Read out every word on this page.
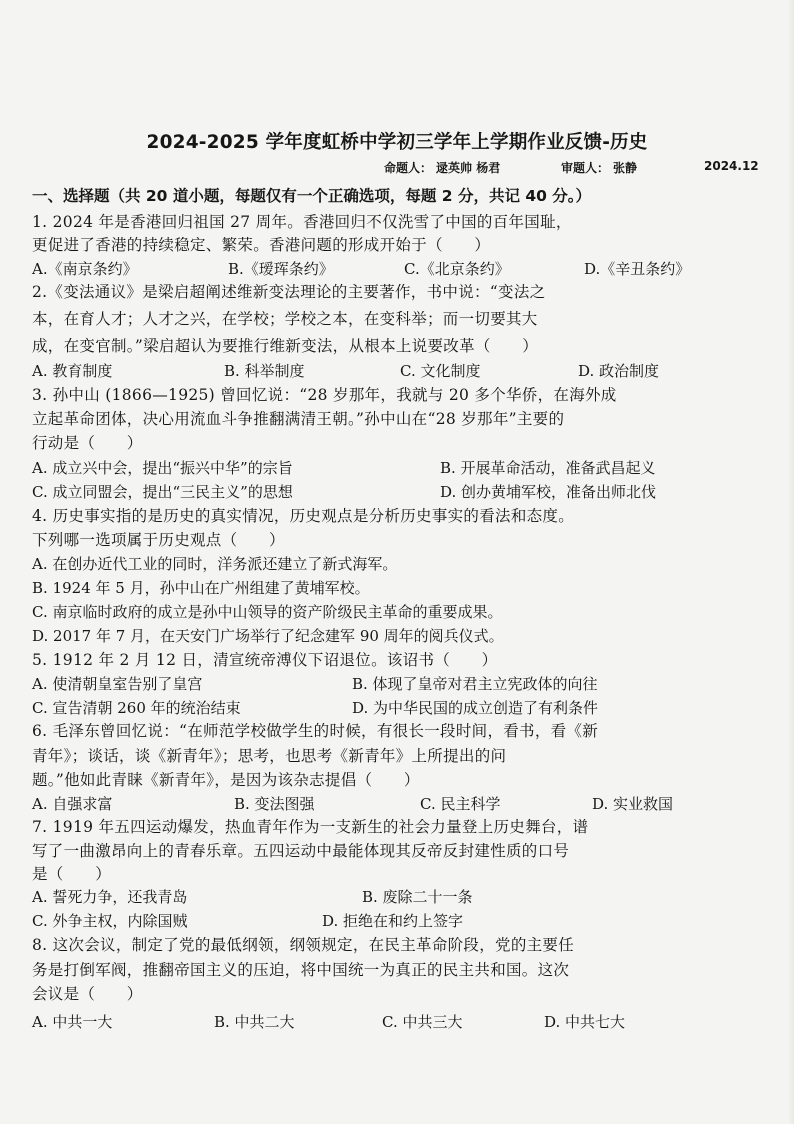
2024-2025 学年度虹桥中学初三学年上学期作业反馈-历史
命题人： 逯英帅 杨君	审题人： 张静	2024.12
一、选择题（共 20 道小题，每题仅有一个正确选项，每题 2 分，共记 40 分。）
1. 2024 年是香港回归祖国 27 周年。香港回归不仅洗雪了中国的百年国耻，
更促进了香港的持续稳定、繁荣。香港问题的形成开始于（　　）
A.《南京条约》	B.《瑷珲条约》	C.《北京条约》	D.《辛丑条约》
2.《变法通议》是梁启超阐述维新变法理论的主要著作，书中说：“变法之
本，在育人才；人才之兴，在学校；学校之本，在变科举；而一切要其大
成，在变官制。”梁启超认为要推行维新变法，从根本上说要改革（　　）
A. 教育制度	B. 科举制度	C. 文化制度	D. 政治制度
3. 孙中山 (1866—1925) 曾回忆说：“28 岁那年，我就与 20 多个华侨，在海外成
立起革命团体，决心用流血斗争推翻满清王朝。”孙中山在“28 岁那年”主要的
行动是（　　）
A. 成立兴中会，提出“振兴中华”的宗旨	B. 开展革命活动，准备武昌起义
C. 成立同盟会，提出“三民主义”的思想	D. 创办黄埔军校，准备出师北伐
4. 历史事实指的是历史的真实情况，历史观点是分析历史事实的看法和态度。
下列哪一选项属于历史观点（　　）
A. 在创办近代工业的同时，洋务派还建立了新式海军。
B. 1924 年 5 月，孙中山在广州组建了黄埔军校。
C. 南京临时政府的成立是孙中山领导的资产阶级民主革命的重要成果。
D. 2017 年 7 月，在天安门广场举行了纪念建军 90 周年的阅兵仪式。
5. 1912 年 2 月 12 日，清宣统帝溥仪下诏退位。该诏书（　　）
A. 使清朝皇室告别了皇宫	B. 体现了皇帝对君主立宪政体的向往
C. 宣告清朝 260 年的统治结束	D. 为中华民国的成立创造了有利条件
6. 毛泽东曾回忆说：“在师范学校做学生的时候，有很长一段时间，看书，看《新
青年》；谈话，谈《新青年》；思考，也思考《新青年》上所提出的问
题。”他如此青睐《新青年》，是因为该杂志提倡（　　）
A. 自强求富	B. 变法图强	C. 民主科学	D. 实业救国
7. 1919 年五四运动爆发，热血青年作为一支新生的社会力量登上历史舞台，谱
写了一曲激昂向上的青春乐章。五四运动中最能体现其反帝反封建性质的口号
是（　　）
A. 誓死力争，还我青岛	B. 废除二十一条
C. 外争主权，内除国贼	D. 拒绝在和约上签字
8. 这次会议，制定了党的最低纲领，纲领规定，在民主革命阶段，党的主要任
务是打倒军阀，推翻帝国主义的压迫，将中国统一为真正的民主共和国。这次
会议是（　　）
A. 中共一大	B. 中共二大	C. 中共三大	D. 中共七大
